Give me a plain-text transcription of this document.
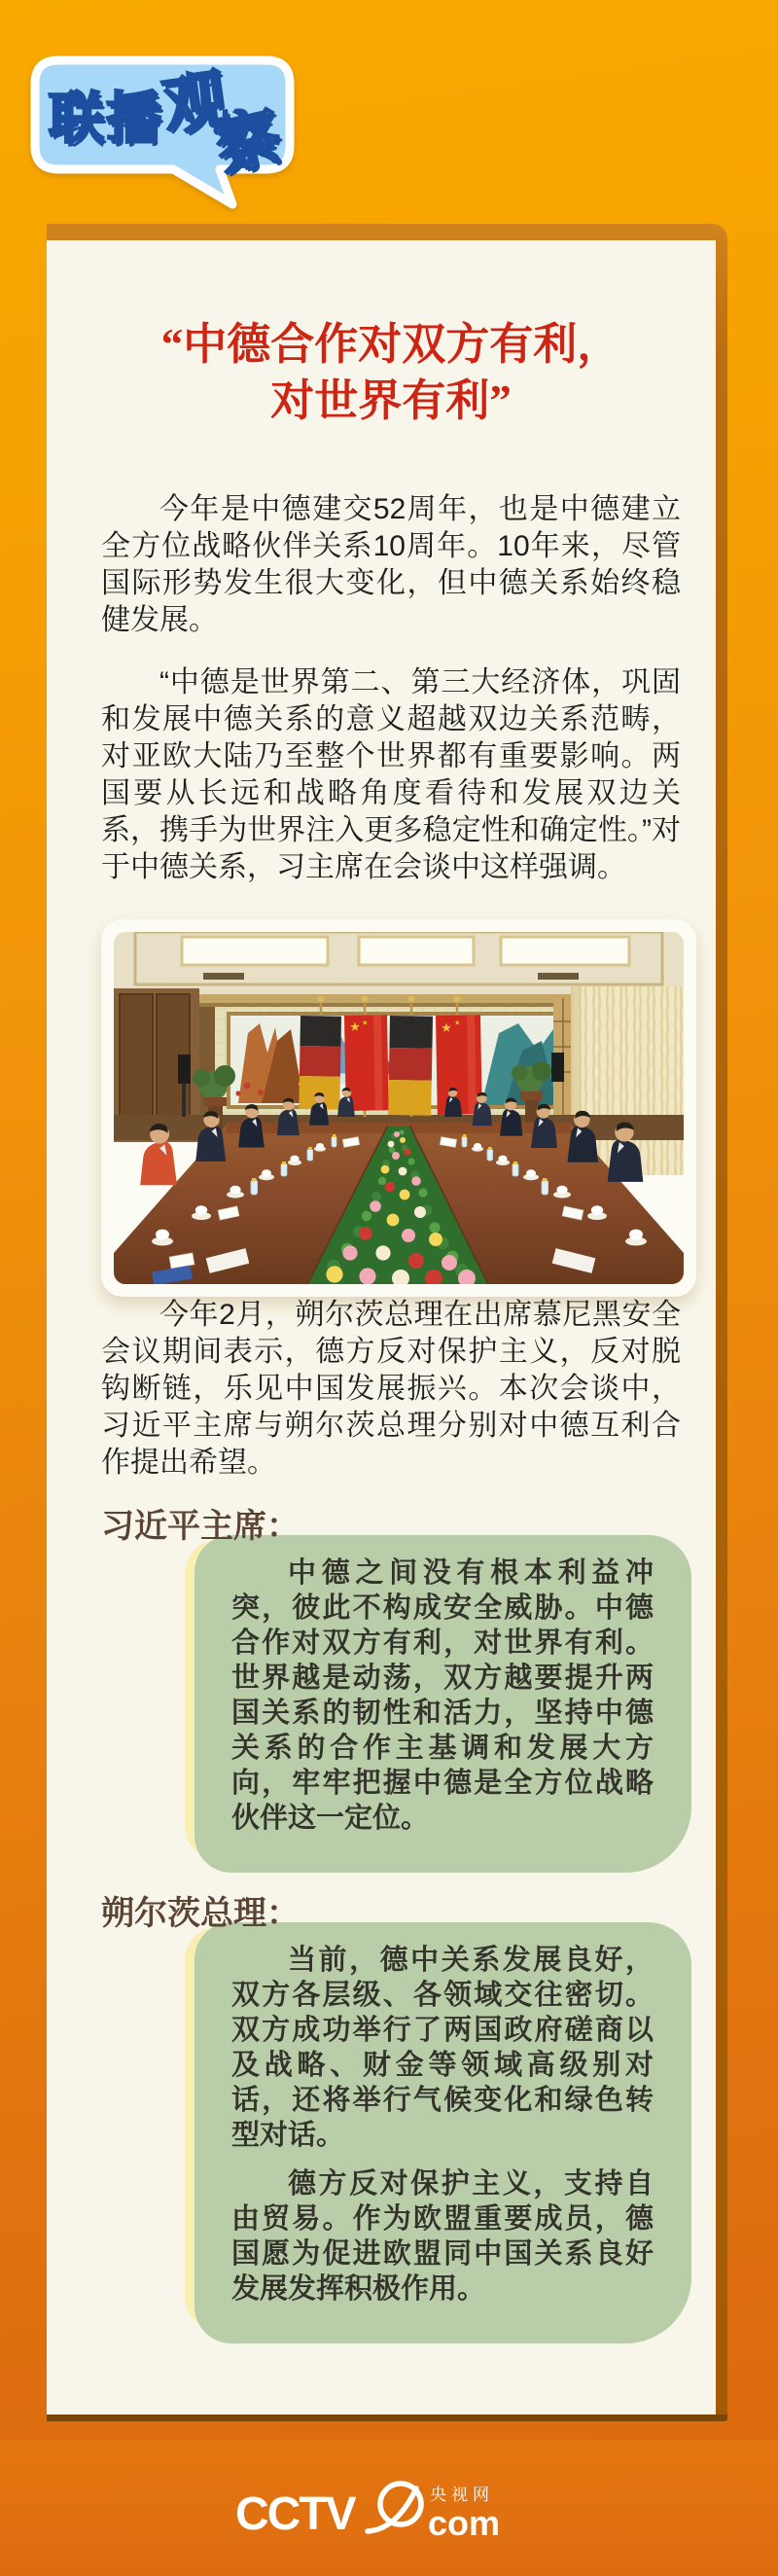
联播
观
察
“中德合作对双方有利，
对世界有利”

今年是中德建交52周年，也是中德建立全方位战略伙伴关系10周年。10年来，尽管国际形势发生很大变化，但中德关系始终稳健发展。

“中德是世界第二、第三大经济体，巩固和发展中德关系的意义超越双边关系范畴，对亚欧大陆乃至整个世界都有重要影响。两国要从长远和战略角度看待和发展双边关系，携手为世界注入更多稳定性和确定性。”对于中德关系，习主席在会谈中这样强调。

★ ★	★ ★

今年2月，朔尔茨总理在出席慕尼黑安全会议期间表示，德方反对保护主义，反对脱钩断链，乐见中国发展振兴。本次会谈中，习近平主席与朔尔茨总理分别对中德互利合作提出希望。

习近平主席：

中德之间没有根本利益冲突，彼此不构成安全威胁。中德合作对双方有利，对世界有利。世界越是动荡，双方越要提升两国关系的韧性和活力，坚持中德关系的合作主基调和发展大方向，牢牢把握中德是全方位战略伙伴这一定位。

朔尔茨总理：

当前，德中关系发展良好，双方各层级、各领域交往密切。双方成功举行了两国政府磋商以及战略、财金等领域高级别对话，还将举行气候变化和绿色转型对话。

德方反对保护主义，支持自由贸易。作为欧盟重要成员，德国愿为促进欧盟同中国关系良好发展发挥积极作用。

CCTV	央视网
com
